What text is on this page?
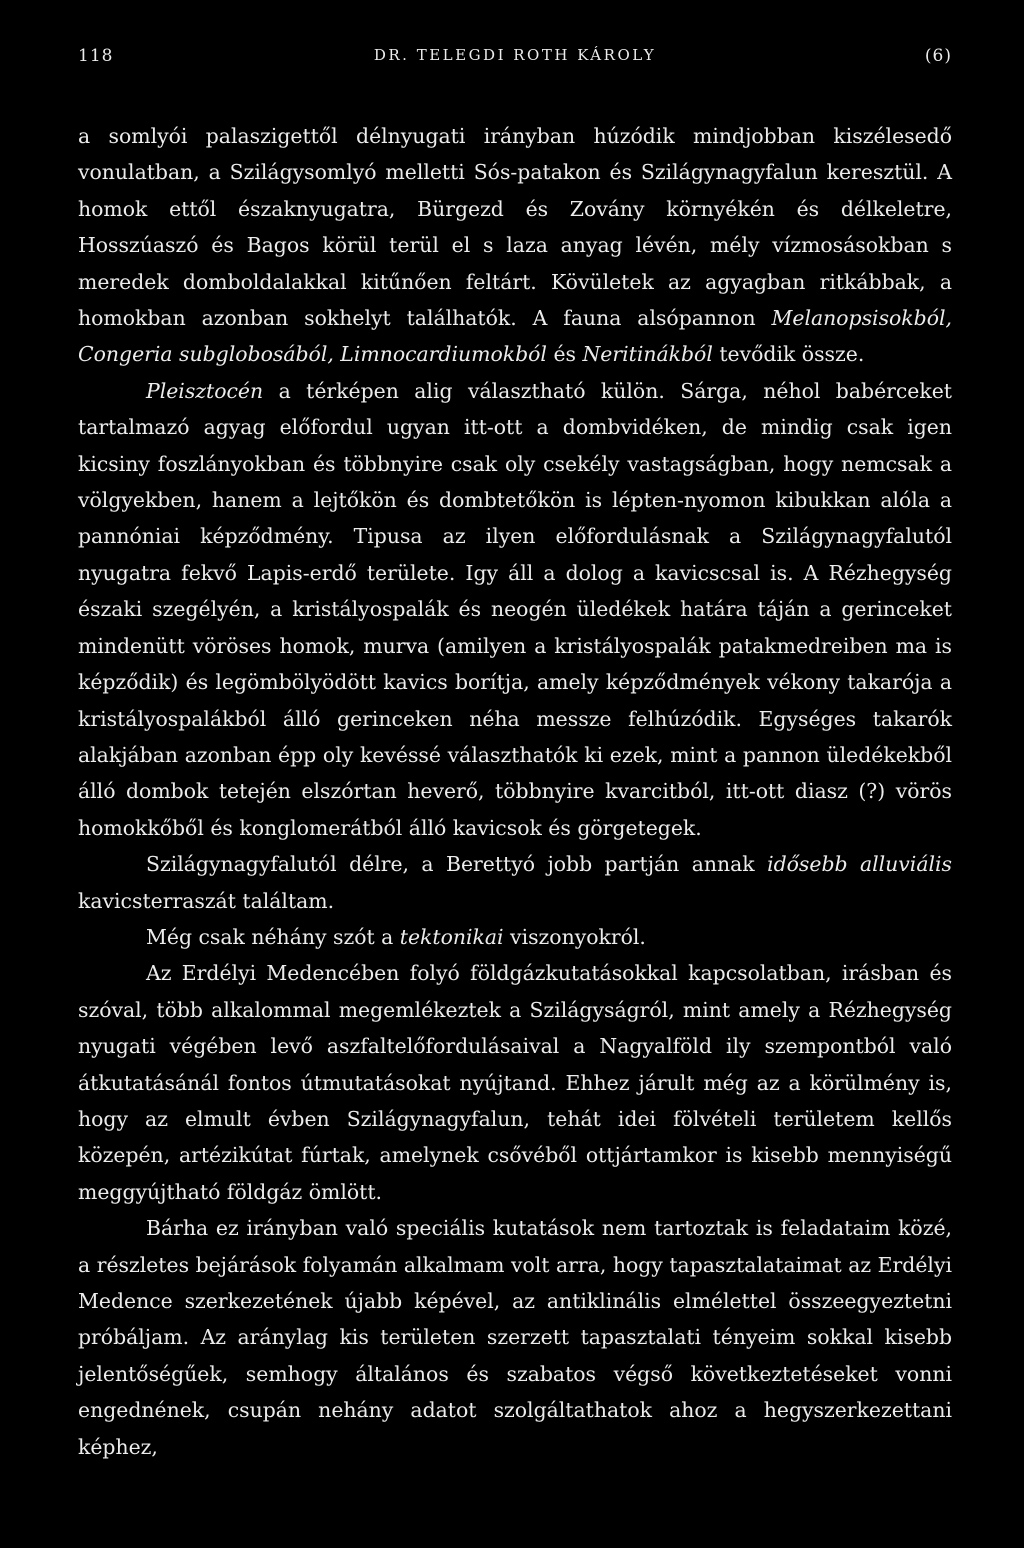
118	DR. TELEGDI ROTH KÁROLY	(6)

a somlyói palaszigettől délnyugati irányban húzódik mindjobban kiszélesedő vonulatban, a Szilágysomlyó melletti Sós-patakon és Szilágynagyfalun keresztül. A homok ettől északnyugatra, Bürgezd és Zovány környékén és délkeletre, Hosszúaszó és Bagos körül terül el s laza anyag lévén, mély vízmosásokban s meredek domboldalakkal kitűnően feltárt. Kövületek az agyagban ritkábbak, a homokban azonban sokhelyt találhatók. A fauna alsópannon Melanopsisokból, Congeria subglobosából, Limnocardiumokból és Neritinákból tevődik össze.

Pleisztocén a térképen alig választható külön. Sárga, néhol babérceket tartalmazó agyag előfordul ugyan itt-ott a dombvidéken, de mindig csak igen kicsiny foszlányokban és többnyire csak oly csekély vastagságban, hogy nemcsak a völgyekben, hanem a lejtőkön és dombtetőkön is lépten-nyomon kibukkan alóla a pannóniai képződmény. Tipusa az ilyen előfordulásnak a Szilágynagyfalutól nyugatra fekvő Lapis-erdő területe. Igy áll a dolog a kavicscsal is. A Rézhegység északi szegélyén, a kristályospalák és neogén üledékek határa táján a gerinceket mindenütt vöröses homok, murva (amilyen a kristályospalák patakmedreiben ma is képződik) és legömbölyödött kavics borítja, amely képződmények vékony takarója a kristályospalákból álló gerinceken néha messze felhúzódik. Egységes takarók alakjában azonban épp oly kevéssé választhatók ki ezek, mint a pannon üledékekből álló dombok tetején elszórtan heverő, többnyire kvarcitból, itt-ott diasz (?) vörös homokkőből és konglomerátból álló kavicsok és görgetegek.

Szilágynagyfalutól délre, a Berettyó jobb partján annak idősebb alluviális kavicsterraszát találtam.

Még csak néhány szót a tektonikai viszonyokról.

Az Erdélyi Medencében folyó földgázkutatásokkal kapcsolatban, irásban és szóval, több alkalommal megemlékeztek a Szilágyságról, mint amely a Rézhegység nyugati végében levő aszfaltelőfordulásaival a Nagyalföld ily szempontból való átkutatásánál fontos útmutatásokat nyújtand. Ehhez járult még az a körülmény is, hogy az elmult évben Szilágynagyfalun, tehát idei fölvételi területem kellős közepén, artézikútat fúrtak, amelynek csővéből ottjártamkor is kisebb mennyiségű meggyújtható földgáz ömlött.

Bárha ez irányban való speciális kutatások nem tartoztak is feladataim közé, a részletes bejárások folyamán alkalmam volt arra, hogy tapasztalataimat az Erdélyi Medence szerkezetének újabb képével, az antiklinális elmélettel összeegyeztetni próbáljam. Az aránylag kis területen szerzett tapasztalati tényeim sokkal kisebb jelentőségűek, semhogy általános és szabatos végső következtetéseket vonni engednének, csupán nehány adatot szolgáltathatok ahoz a hegyszerkezettani képhez,
